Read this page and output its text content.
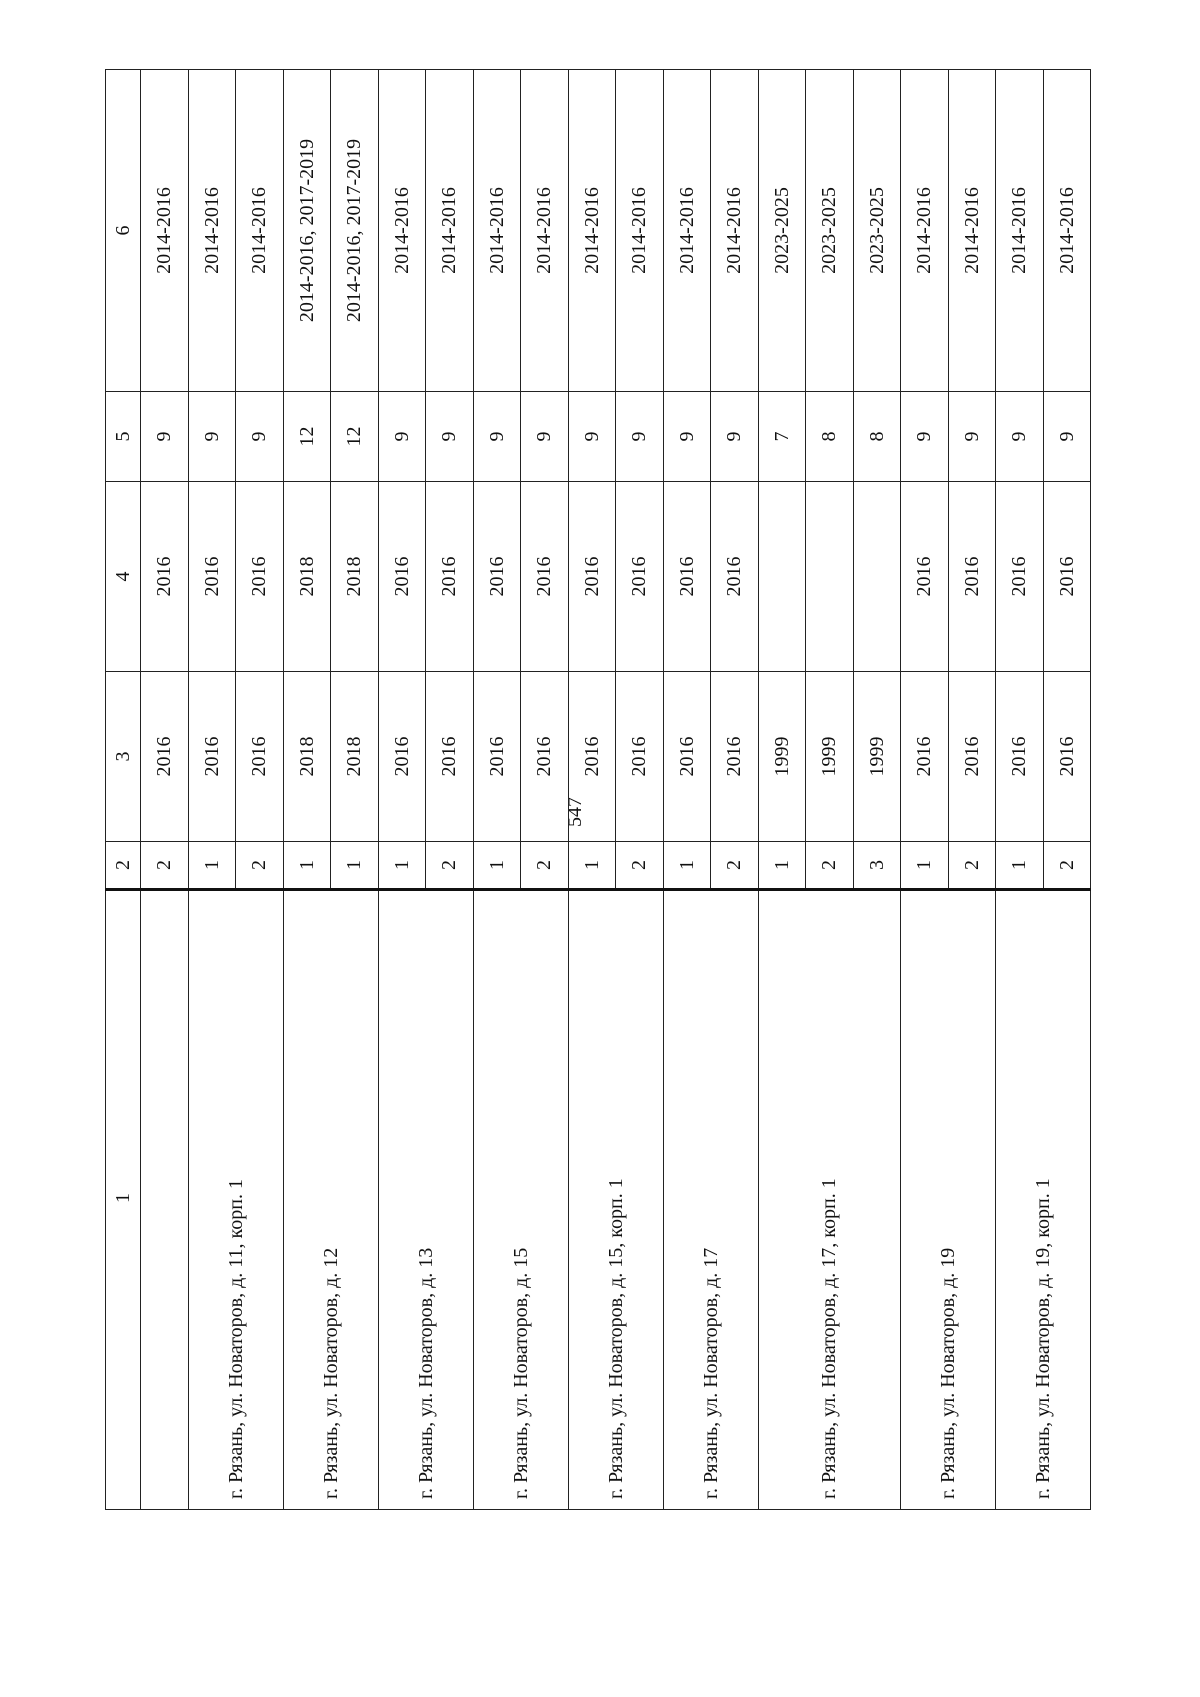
547
1	2	3	4	5	6
	2	2016	2016	9	2014-2016
г. Рязань, ул. Новаторов, д. 11, корп. 1	1	2016	2016	9	2014-2016
	2	2016	2016	9	2014-2016
г. Рязань, ул. Новаторов, д. 12	1	2018	2018	12	2014-2016, 2017-2019
	1	2018	2018	12	2014-2016, 2017-2019
г. Рязань, ул. Новаторов, д. 13	1	2016	2016	9	2014-2016
	2	2016	2016	9	2014-2016
г. Рязань, ул. Новаторов, д. 15	1	2016	2016	9	2014-2016
	2	2016	2016	9	2014-2016
г. Рязань, ул. Новаторов, д. 15, корп. 1	1	2016	2016	9	2014-2016
	2	2016	2016	9	2014-2016
г. Рязань, ул. Новаторов, д. 17	1	2016	2016	9	2014-2016
	2	2016	2016	9	2014-2016
г. Рязань, ул. Новаторов, д. 17, корп. 1	1	1999		7	2023-2025
	2	1999		8	2023-2025
	3	1999		8	2023-2025
г. Рязань, ул. Новаторов, д. 19	1	2016	2016	9	2014-2016
	2	2016	2016	9	2014-2016
г. Рязань, ул. Новаторов, д. 19, корп. 1	1	2016	2016	9	2014-2016
	2	2016	2016	9	2014-2016
